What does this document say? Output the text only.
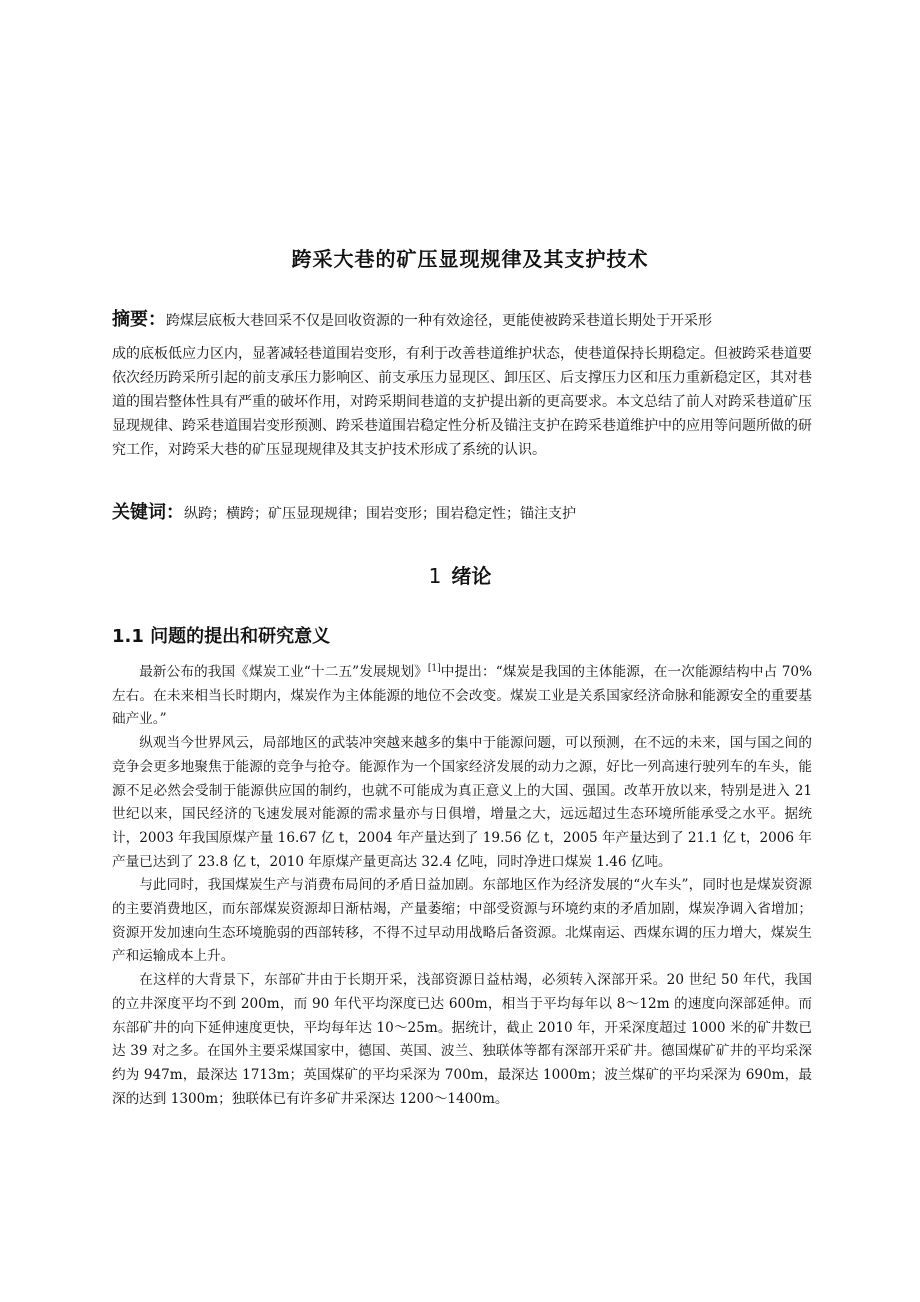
跨采大巷的矿压显现规律及其支护技术
摘要：跨煤层底板大巷回采不仅是回收资源的一种有效途径，更能使被跨采巷道长期处于开采形
成的底板低应力区内，显著减轻巷道围岩变形，有利于改善巷道维护状态，使巷道保持长期稳定。但被跨采巷道要依次经历跨采所引起的前支承压力影响区、前支承压力显现区、卸压区、后支撑压力区和压力重新稳定区，其对巷道的围岩整体性具有严重的破坏作用，对跨采期间巷道的支护提出新的更高要求。本文总结了前人对跨采巷道矿压显现规律、跨采巷道围岩变形预测、跨采巷道围岩稳定性分析及锚注支护在跨采巷道维护中的应用等问题所做的研究工作，对跨采大巷的矿压显现规律及其支护技术形成了系统的认识。
关键词：纵跨；横跨；矿压显现规律；围岩变形；围岩稳定性；锚注支护
1 绪论
1.1 问题的提出和研究意义

最新公布的我国《煤炭工业“十二五”发展规划》[1]中提出：“煤炭是我国的主体能源，在一次能源结构中占 70%左右。在未来相当长时期内，煤炭作为主体能源的地位不会改变。煤炭工业是关系国家经济命脉和能源安全的重要基础产业。”

纵观当今世界风云，局部地区的武装冲突越来越多的集中于能源问题，可以预测，在不远的未来，国与国之间的竞争会更多地聚焦于能源的竞争与抢夺。能源作为一个国家经济发展的动力之源，好比一列高速行驶列车的车头，能源不足必然会受制于能源供应国的制约，也就不可能成为真正意义上的大国、强国。改革开放以来，特别是进入 21 世纪以来，国民经济的飞速发展对能源的需求量亦与日俱增，增量之大，远远超过生态环境所能承受之水平。据统计，2003 年我国原煤产量 16.67 亿 t，2004 年产量达到了 19.56 亿 t，2005 年产量达到了 21.1 亿 t，2006 年产量已达到了 23.8 亿 t，2010 年原煤产量更高达 32.4 亿吨，同时净进口煤炭 1.46 亿吨。

与此同时，我国煤炭生产与消费布局间的矛盾日益加剧。东部地区作为经济发展的“火车头”，同时也是煤炭资源的主要消费地区，而东部煤炭资源却日渐枯竭，产量萎缩；中部受资源与环境约束的矛盾加剧，煤炭净调入省增加；资源开发加速向生态环境脆弱的西部转移，不得不过早动用战略后备资源。北煤南运、西煤东调的压力增大，煤炭生产和运输成本上升。

在这样的大背景下，东部矿井由于长期开采，浅部资源日益枯竭，必须转入深部开采。20 世纪 50 年代，我国的立井深度平均不到 200m，而 90 年代平均深度已达 600m，相当于平均每年以 8～12m 的速度向深部延伸。而东部矿井的向下延伸速度更快，平均每年达 10～25m。据统计，截止 2010 年，开采深度超过 1000 米的矿井数已达 39 对之多。在国外主要采煤国家中，德国、英国、波兰、独联体等都有深部开采矿井。德国煤矿矿井的平均采深约为 947m，最深达 1713m；英国煤矿的平均采深为 700m，最深达 1000m；波兰煤矿的平均采深为 690m，最深的达到 1300m；独联体已有许多矿井采深达 1200～1400m。
